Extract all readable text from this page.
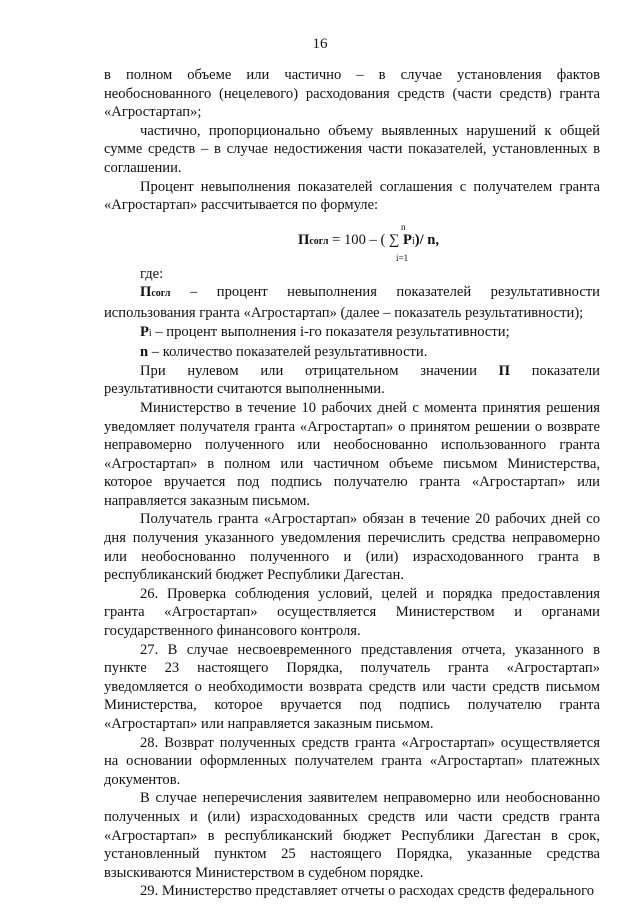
16

в полном объеме или частично – в случае установления фактов необоснованного (нецелевого) расходования средств (части средств) гранта «Агростартап»;

частично, пропорционально объему выявленных нарушений к общей сумме средств – в случае недостижения части показателей, установленных в соглашении.

Процент невыполнения показателей соглашения с получателем гранта «Агростартап» рассчитывается по формуле:

n
Псогл = 100 – ( ∑ Pi)/ n,
i=1

где:

Псогл – процент невыполнения показателей результативности использования гранта «Агростартап» (далее – показатель результативности);

Pi – процент выполнения i-го показателя результативности;

n – количество показателей результативности.

При нулевом или отрицательном значении П показатели результативности считаются выполненными.

Министерство в течение 10 рабочих дней с момента принятия решения уведомляет получателя гранта «Агростартап» о принятом решении о возврате неправомерно полученного или необоснованно использованного гранта «Агростартап» в полном или частичном объеме письмом Министерства, которое вручается под подпись получателю гранта «Агростартап» или направляется заказным письмом.

Получатель гранта «Агростартап» обязан в течение 20 рабочих дней со дня получения указанного уведомления перечислить средства неправомерно или необоснованно полученного и (или) израсходованного гранта в республиканский бюджет Республики Дагестан.

26. Проверка соблюдения условий, целей и порядка предоставления гранта «Агростартап» осуществляется Министерством и органами государственного финансового контроля.

27. В случае несвоевременного представления отчета, указанного в пункте 23 настоящего Порядка, получатель гранта «Агростартап» уведомляется о необходимости возврата средств или части средств письмом Министерства, которое вручается под подпись получателю гранта «Агростартап» или направляется заказным письмом.

28. Возврат полученных средств гранта «Агростартап» осуществляется на основании оформленных получателем гранта «Агростартап» платежных документов.

В случае неперечисления заявителем неправомерно или необоснованно полученных и (или) израсходованных средств или части средств гранта «Агростартап» в республиканский бюджет Республики Дагестан в срок, установленный пунктом 25 настоящего Порядка, указанные средства взыскиваются Министерством в судебном порядке.

29. Министерство представляет отчеты о расходах средств федерального
